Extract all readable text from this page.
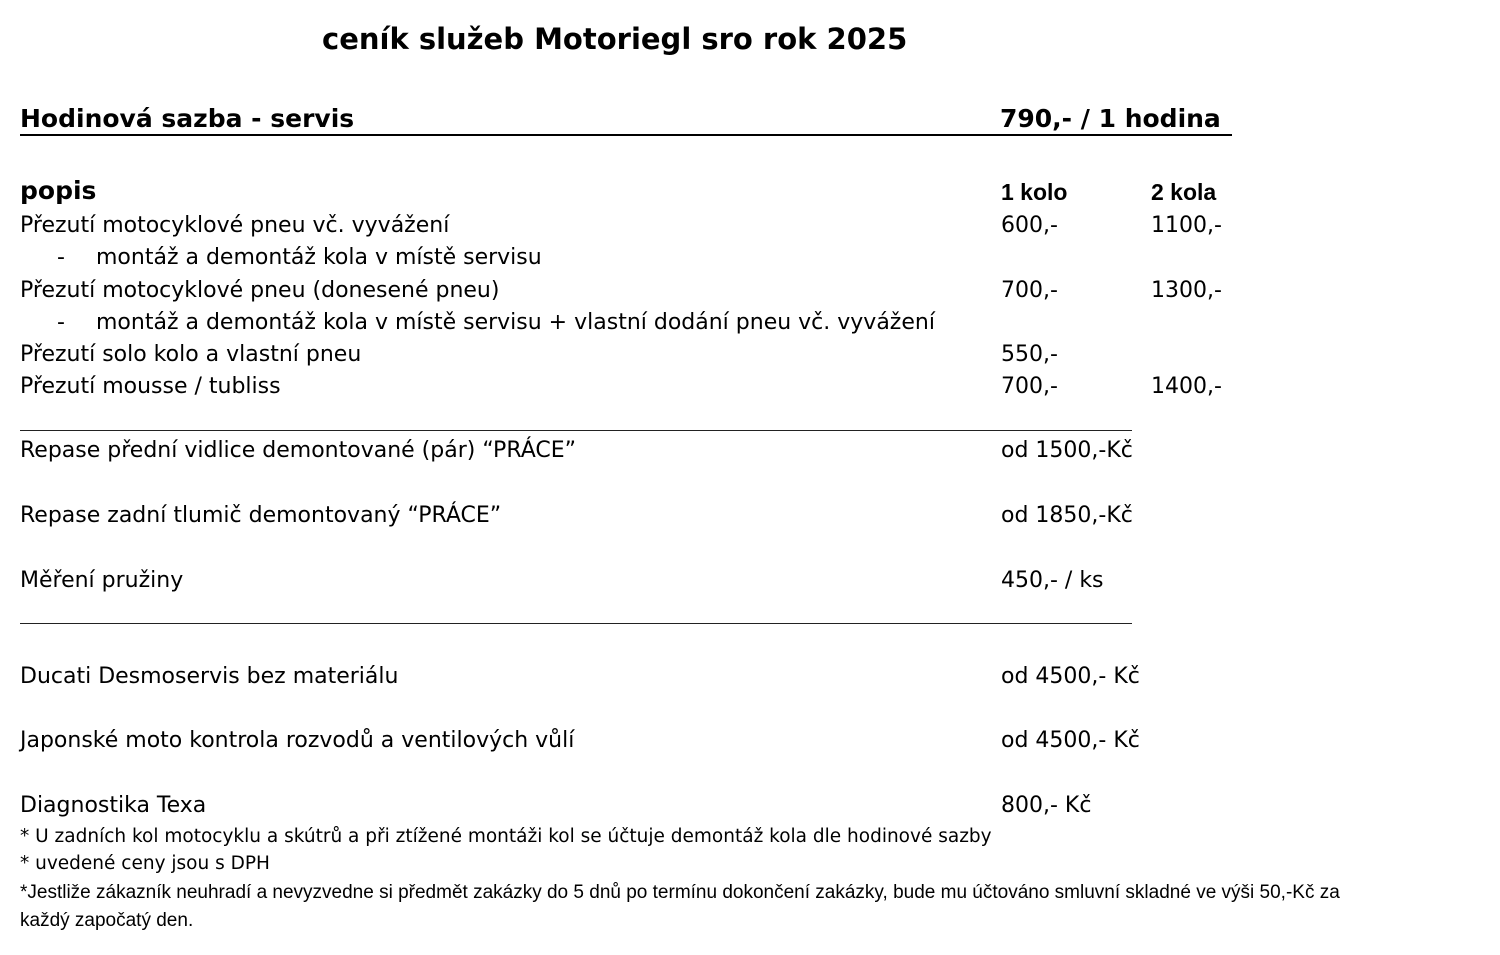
ceník služeb Motoriegl sro rok 2025
Hodinová sazba - servis	790,- / 1 hodina
popis	1 kolo	2 kola
Přezutí motocyklové pneu vč. vyvážení	600,-	1100,-
- montáž a demontáž kola v místě servisu
Přezutí motocyklové pneu (donesené pneu)	700,-	1300,-
- montáž a demontáž kola v místě servisu + vlastní dodání pneu vč. vyvážení
Přezutí solo kolo a vlastní pneu	550,-
Přezutí mousse / tubliss	700,-	1400,-
Repase přední vidlice demontované (pár) “PRÁCE”	od 1500,-Kč
Repase zadní tlumič demontovaný “PRÁCE”	od 1850,-Kč
Měření pružiny	450,- / ks
Ducati Desmoservis bez materiálu	od 4500,- Kč
Japonské moto kontrola rozvodů a ventilových vůlí	od 4500,- Kč
Diagnostika Texa	800,- Kč
* U zadních kol motocyklu a skútrů a při ztížené montáži kol se účtuje demontáž kola dle hodinové sazby
* uvedené ceny jsou s DPH
*Jestliže zákazník neuhradí a nevyzvedne si předmět zakázky do 5 dnů po termínu dokončení zakázky, bude mu účtováno smluvní skladné ve výši 50,-Kč za
každý započatý den.
